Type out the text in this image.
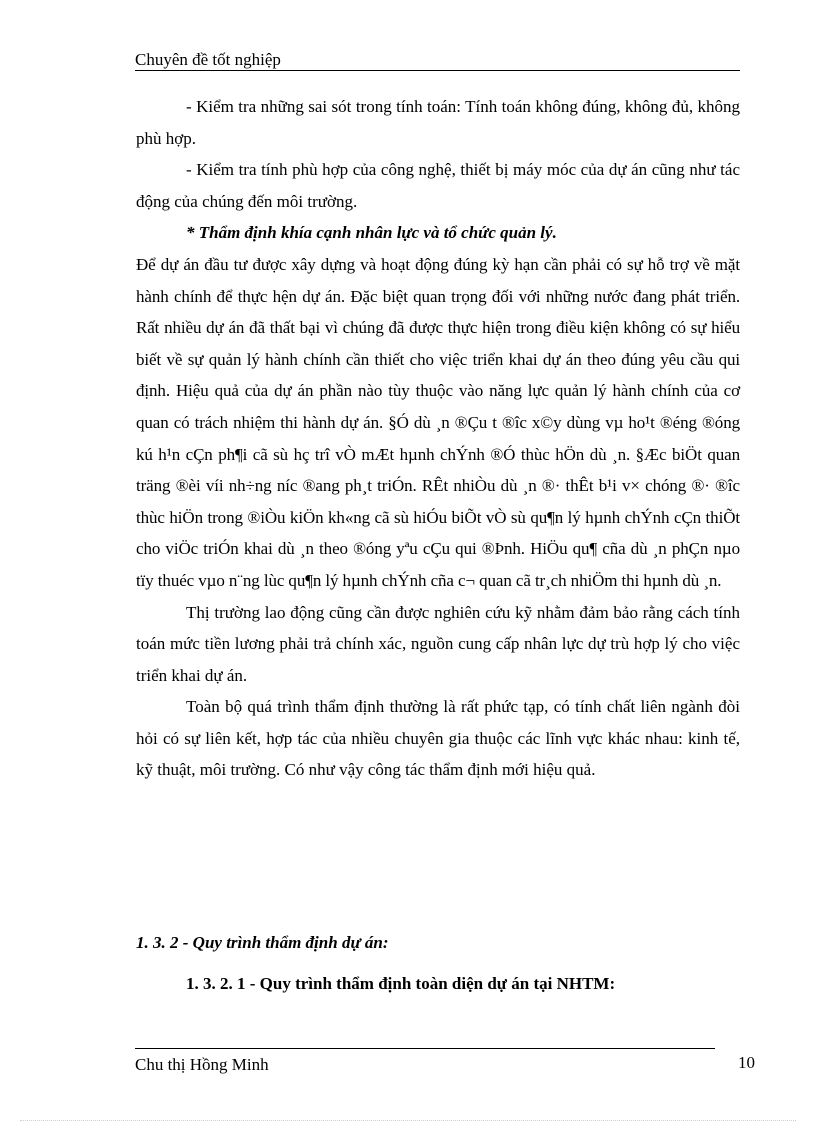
Chuyên đề tốt nghiệp

- Kiểm tra những sai sót trong tính toán: Tính toán không đúng, không đủ, không phù hợp.

- Kiểm tra tính phù hợp của công nghệ, thiết bị máy móc của dự án cũng như tác động của chúng đến môi trường.

* Thẩm định khía cạnh nhân lực và tổ chức quản lý.

Để dự án đầu tư được xây dựng và hoạt động đúng kỳ hạn cần phải có sự hỗ trợ về mặt hành chính để thực hện dự án. Đặc biệt quan trọng đối với những nước đang phát triển. Rất nhiều dự án đã thất bại vì chúng đã được thực hiện trong điều kiện không có sự hiểu biết về sự quản lý hành chính cần thiết cho việc triển khai dự án theo đúng yêu cầu qui định. Hiệu quả của dự án phần nào tùy thuộc vào năng lực quản lý hành chính của cơ quan có trách nhiệm thi hành dự án. §Ó dù ¸n ®Çu t ®îc x©y dùng vµ ho¹t ®éng ®óng kú h¹n cÇn ph¶i cã sù hç trî vÒ mÆt hµnh chÝnh ®Ó thùc hÖn dù ¸n. §Æc biÖt quan träng ®èi víi nh÷ng níc ®ang ph¸t triÓn. RÊt nhiÒu dù ¸n ®· thÊt b¹i v× chóng ®· ®îc thùc hiÖn trong ®iÒu kiÖn kh«ng cã sù hiÓu biÕt vÒ sù qu¶n lý hµnh chÝnh cÇn thiÕt cho viÖc triÓn khai dù ¸n theo ®óng yªu cÇu qui ®Þnh. HiÖu qu¶ cña dù ¸n phÇn nµo tïy thuéc vµo n¨ng lùc qu¶n lý hµnh chÝnh cña c¬ quan cã tr¸ch nhiÖm thi hµnh dù ¸n.

Thị trường lao động cũng cần được nghiên cứu kỹ nhằm đảm bảo rằng cách tính toán mức tiền lương phải trả chính xác, nguồn cung cấp nhân lực dự trù hợp lý cho việc triển khai dự án.

Toàn bộ quá trình thẩm định thường là rất phức tạp, có tính chất liên ngành đòi hỏi có sự liên kết, hợp tác của nhiều chuyên gia thuộc các lĩnh vực khác nhau: kinh tế, kỹ thuật, môi trường. Có như vậy công tác thẩm định mới hiệu quả.

1. 3. 2 - Quy trình thẩm định dự án:
1. 3. 2. 1 - Quy trình thẩm định toàn diện dự án tại NHTM:
Chu thị Hồng Minh	10
